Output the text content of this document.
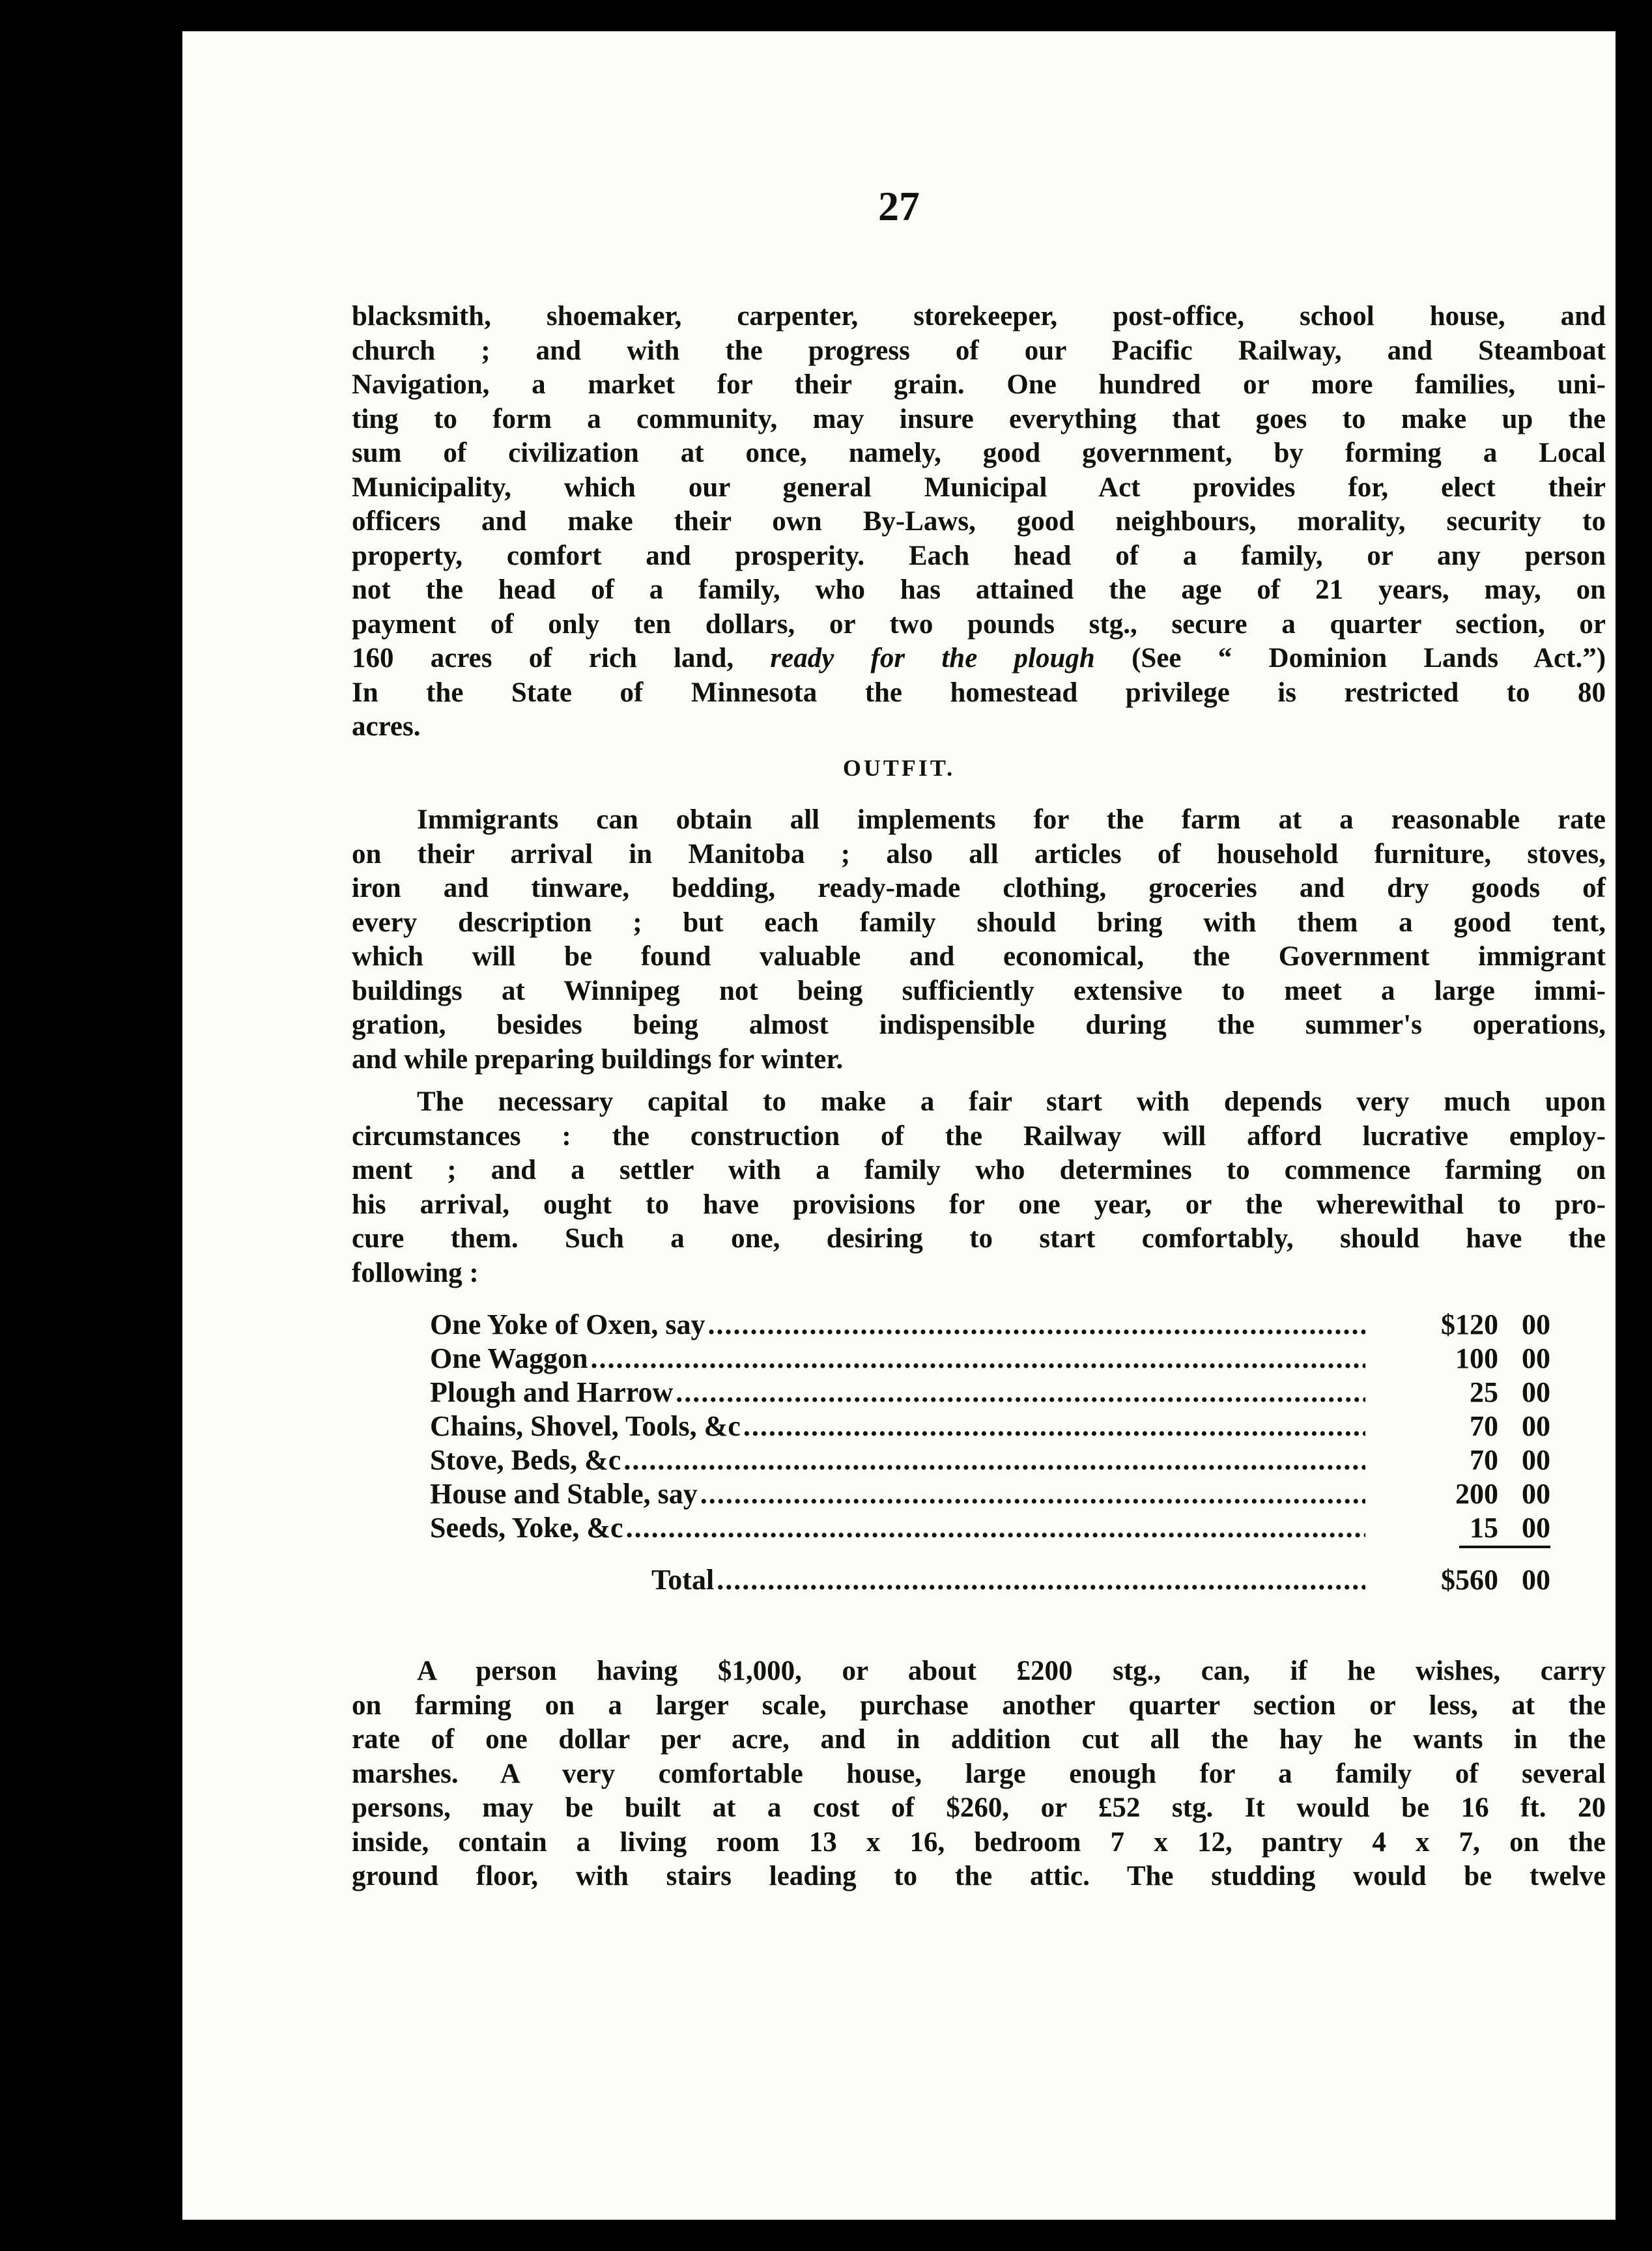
27
blacksmith, shoemaker, carpenter, storekeeper, post-office, school house, and
church ; and with the progress of our Pacific Railway, and Steamboat
Navigation, a market for their grain. One hundred or more families, uni-
ting to form a community, may insure everything that goes to make up the
sum of civilization at once, namely, good government, by forming a Local
Municipality, which our general Municipal Act provides for, elect their
officers and make their own By-Laws, good neighbours, morality, security to
property, comfort and prosperity. Each head of a family, or any person
not the head of a family, who has attained the age of 21 years, may, on
payment of only ten dollars, or two pounds stg., secure a quarter section, or
160 acres of rich land, ready for the plough (See “ Dominion Lands Act.”)
In the State of Minnesota the homestead privilege is restricted to 80
acres.
OUTFIT.
Immigrants can obtain all implements for the farm at a reasonable rate
on their arrival in Manitoba ; also all articles of household furniture, stoves,
iron and tinware, bedding, ready-made clothing, groceries and dry goods of
every description ; but each family should bring with them a good tent,
which will be found valuable and economical, the Government immigrant
buildings at Winnipeg not being sufficiently extensive to meet a large immi-
gration, besides being almost indispensible during the summer's operations,
and while preparing buildings for winter.
The necessary capital to make a fair start with depends very much upon
circumstances : the construction of the Railway will afford lucrative employ-
ment ; and a settler with a family who determines to commence farming on
his arrival, ought to have provisions for one year, or the wherewithal to pro-
cure them. Such a one, desiring to start comfortably, should have the
following :
One Yoke of Oxen, say .....	$120 00
One Waggon .....	100 00
Plough and Harrow .....	25 00
Chains, Shovel, Tools, &c .....	70 00
Stove, Beds, &c .....	70 00
House and Stable, say .....	200 00
Seeds, Yoke, &c .....	15 00
Total .....	$560 00
A person having $1,000, or about £200 stg., can, if he wishes, carry
on farming on a larger scale, purchase another quarter section or less, at the
rate of one dollar per acre, and in addition cut all the hay he wants in the
marshes. A very comfortable house, large enough for a family of several
persons, may be built at a cost of $260, or £52 stg. It would be 16 ft. 20
inside, contain a living room 13 x 16, bedroom 7 x 12, pantry 4 x 7, on the
ground floor, with stairs leading to the attic. The studding would be twelve
